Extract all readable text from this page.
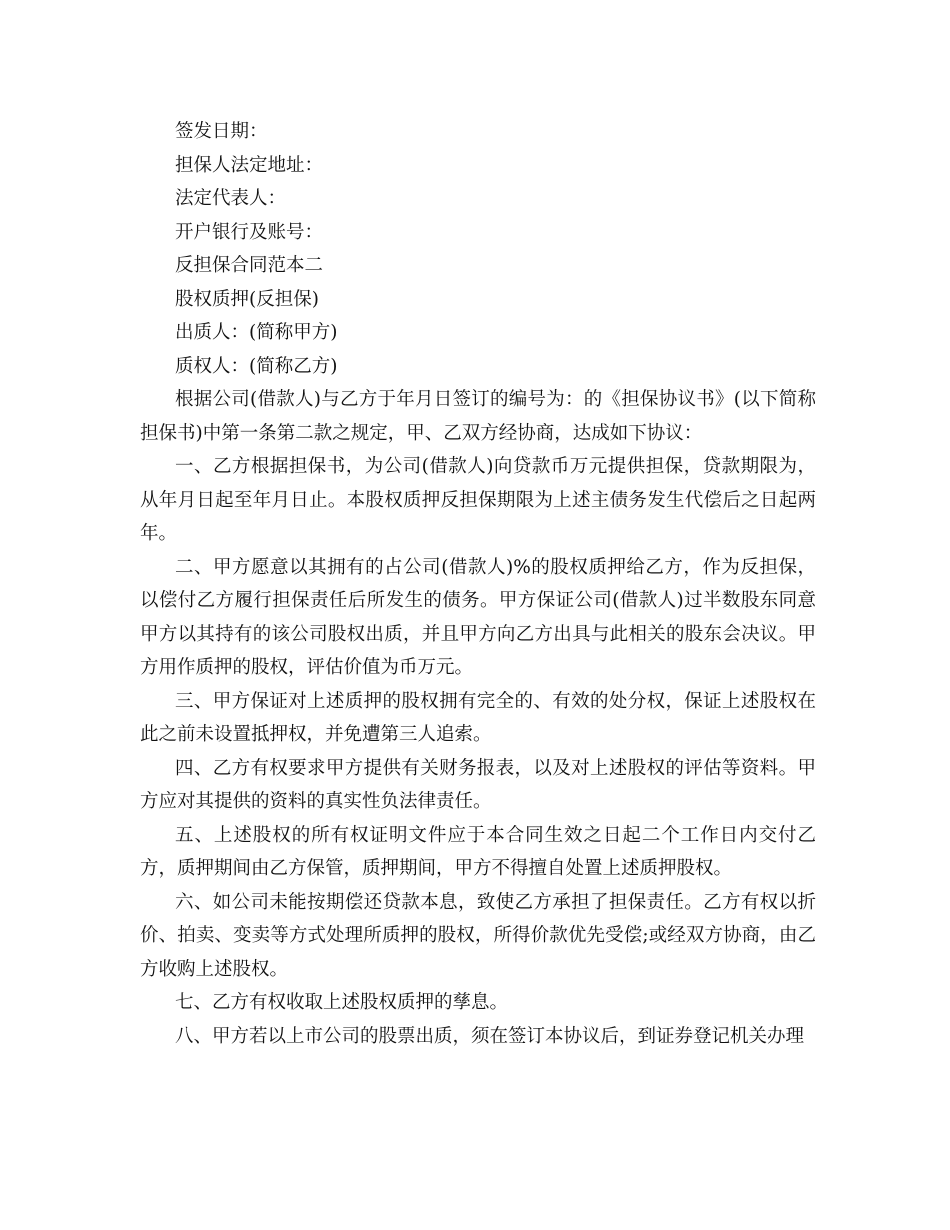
签发日期：

担保人法定地址：

法定代表人：

开户银行及账号：

反担保合同范本二

股权质押(反担保)

出质人：(简称甲方)

质权人：(简称乙方)

根据公司(借款人)与乙方于年月日签订的编号为：的《担保协议书》(以下简称担保书)中第一条第二款之规定，甲、乙双方经协商，达成如下协议：

一、乙方根据担保书，为公司(借款人)向贷款币万元提供担保，贷款期限为，从年月日起至年月日止。本股权质押反担保期限为上述主债务发生代偿后之日起两年。

二、甲方愿意以其拥有的占公司(借款人)%的股权质押给乙方，作为反担保，以偿付乙方履行担保责任后所发生的债务。甲方保证公司(借款人)过半数股东同意甲方以其持有的该公司股权出质，并且甲方向乙方出具与此相关的股东会决议。甲方用作质押的股权，评估价值为币万元。

三、甲方保证对上述质押的股权拥有完全的、有效的处分权，保证上述股权在此之前未设置抵押权，并免遭第三人追索。

四、乙方有权要求甲方提供有关财务报表，以及对上述股权的评估等资料。甲方应对其提供的资料的真实性负法律责任。

五、上述股权的所有权证明文件应于本合同生效之日起二个工作日内交付乙方，质押期间由乙方保管，质押期间，甲方不得擅自处置上述质押股权。

六、如公司未能按期偿还贷款本息，致使乙方承担了担保责任。乙方有权以折价、拍卖、变卖等方式处理所质押的股权，所得价款优先受偿;或经双方协商，由乙方收购上述股权。

七、乙方有权收取上述股权质押的孳息。

八、甲方若以上市公司的股票出质，须在签订本协议后，到证券登记机关办理
